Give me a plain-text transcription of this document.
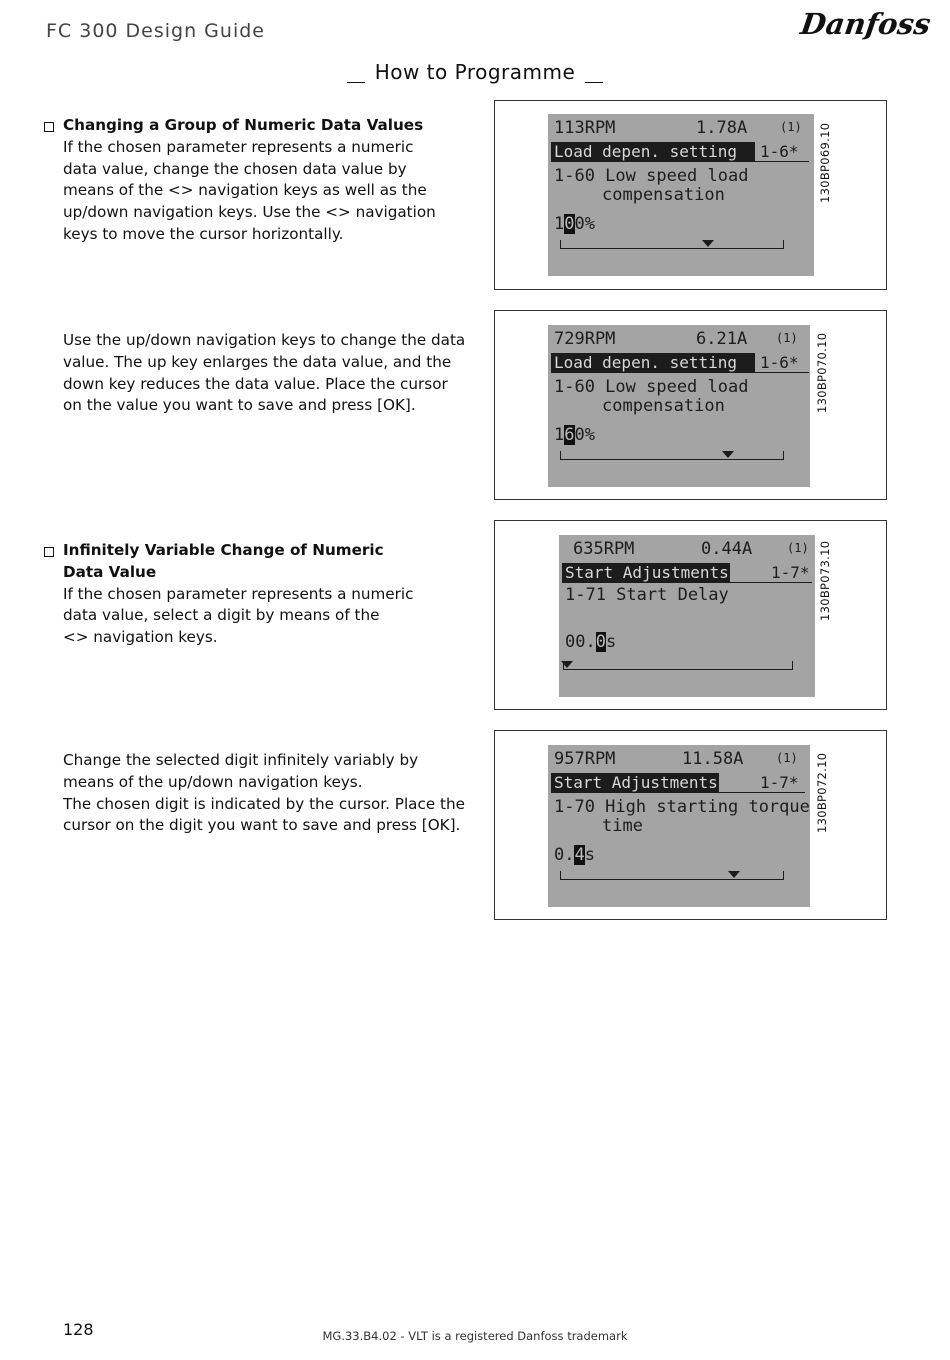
FC 300 Design Guide	Danfoss
How to Programme

Changing a Group of Numeric Data Values

If the chosen parameter represents a numeric

data value, change the chosen data value by

means of the <> navigation keys as well as the

up/down navigation keys. Use the <> navigation

keys to move the cursor horizontally.

Use the up/down navigation keys to change the data

value. The up key enlarges the data value, and the

down key reduces the data value. Place the cursor

on the value you want to save and press [OK].

Infinitely Variable Change of Numeric

Data Value

If the chosen parameter represents a numeric

data value, select a digit by means of the

<> navigation keys.

Change the selected digit infinitely variably by

means of the up/down navigation keys.

The chosen digit is indicated by the cursor. Place the

cursor on the digit you want to save and press [OK].

113RPM	1.78A	(1)
Load depen. setting	1-6*
1-60 Low speed load
compensation
100%
130BP069.10
729RPM	6.21A (1)
Load depen. setting	1-6*
1-60 Low speed load
compensation
160%
130BP070.10
635RPM	0.44A	(1)
Start Adjustments	1-7*
1-71 Start Delay
00.0s
130BP073.10
957RPM	11.58A	(1)
Start Adjustments	1-7*
1-70 High starting torque
time
0.4s
130BP072.10
128	MG.33.B4.02 - VLT is a registered Danfoss trademark
